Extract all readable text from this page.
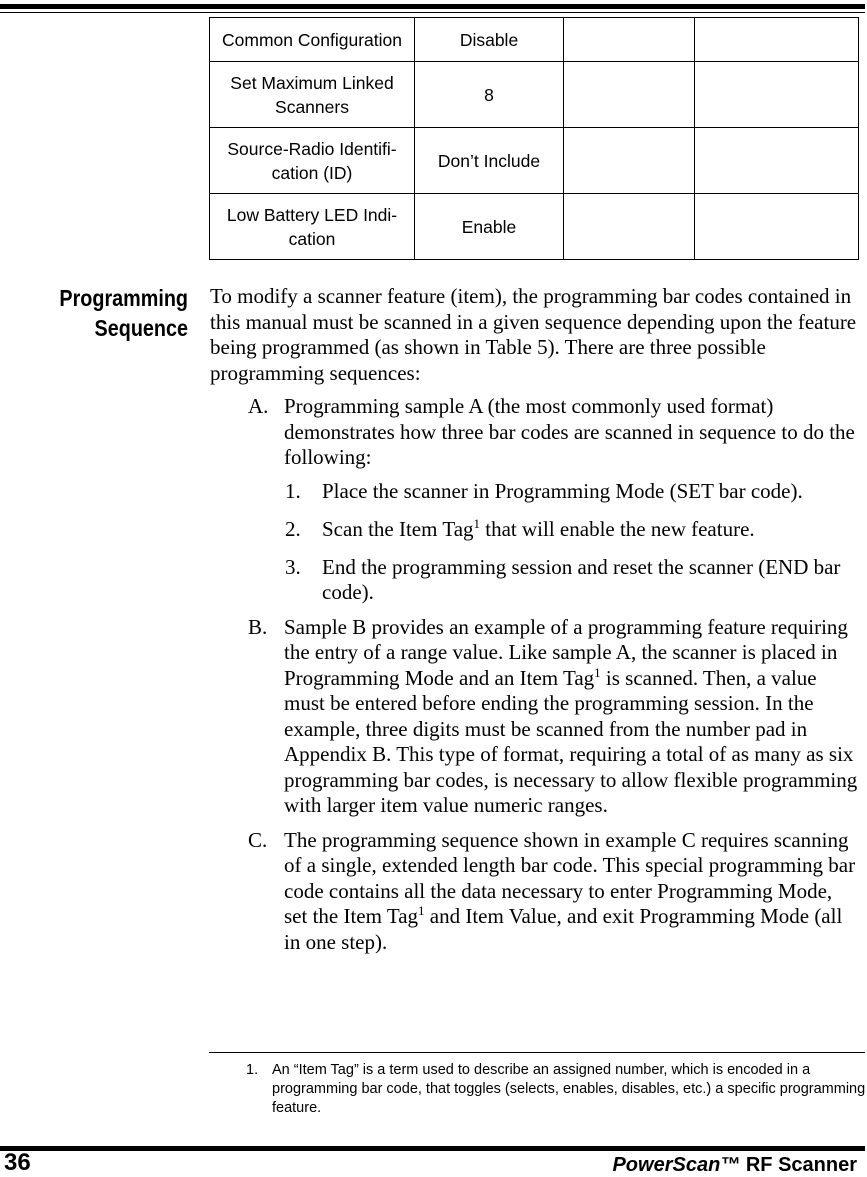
Common Configuration	Disable		
Set Maximum Linked Scanners	8		
Source-Radio Identifi-cation (ID)	Don’t Include		
Low Battery LED Indi-cation	Enable		
Programming
Sequence

To modify a scanner feature (item), the programming bar codes contained in this manual must be scanned in a given sequence depending upon the feature being programmed (as shown in Table 5). There are three possible programming sequences:

A. Programming sample A (the most commonly used format) demonstrates how three bar codes are scanned in sequence to do the following:
1. Place the scanner in Programming Mode (SET bar code).
2. Scan the Item Tag$^1$ that will enable the new feature.
3. End the programming session and reset the scanner (END bar code).
B. Sample B provides an example of a programming feature requiring the entry of a range value. Like sample A, the scanner is placed in Programming Mode and an Item Tag$^1$ is scanned. Then, a value must be entered before ending the programming session. In the example, three digits must be scanned from the number pad in Appendix B. This type of format, requiring a total of as many as six programming bar codes, is necessary to allow flexible programming with larger item value numeric ranges.
C. The programming sequence shown in example C requires scanning of a single, extended length bar code. This special programming bar code contains all the data necessary to enter Programming Mode, set the Item Tag$^1$ and Item Value, and exit Programming Mode (all in one step).
1. An “Item Tag” is a term used to describe an assigned number, which is encoded in a programming bar code, that toggles (selects, enables, disables, etc.) a specific programming feature.
36	PowerScan™ RF Scanner
